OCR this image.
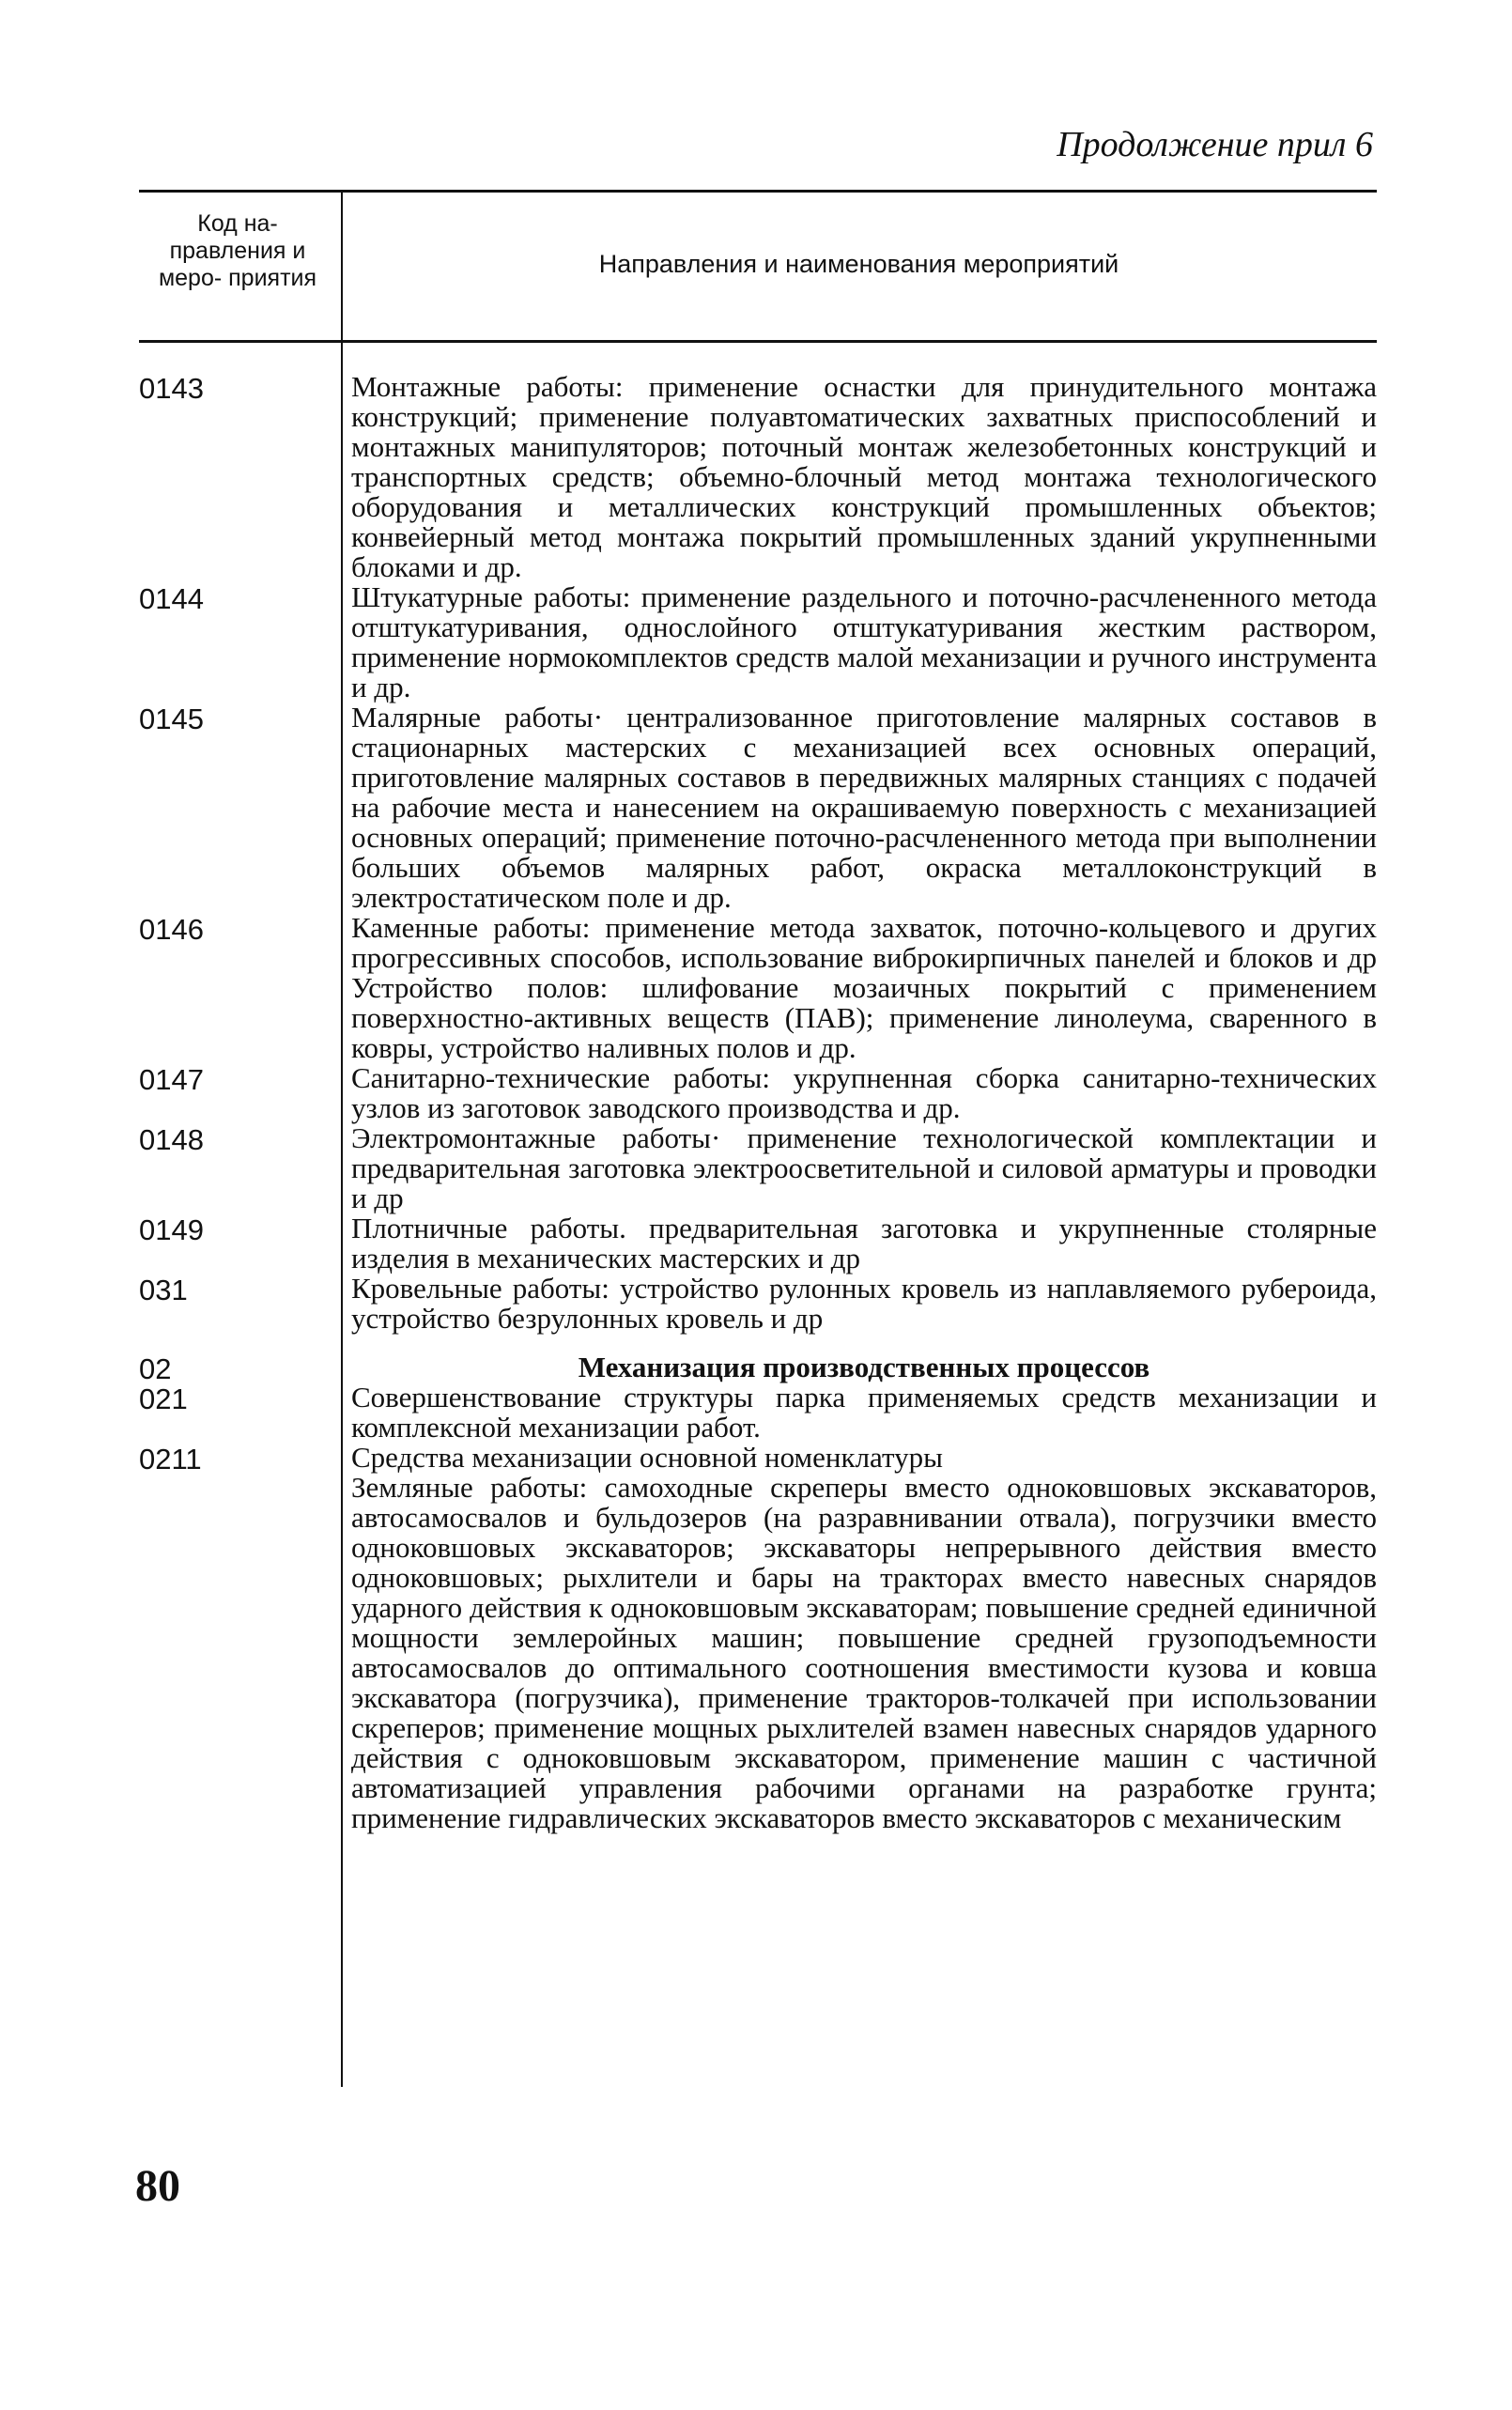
Продолжение прил 6
Код на- правления и меро- приятия	Направления и наименования мероприятий
0143	Монтажные работы: применение оснастки для принудительного монтажа конструкций; применение полуавтоматических захватных приспособлений и монтажных манипуляторов; поточный монтаж железобетонных конструкций и транспортных средств; объемно-блочный метод монтажа технологического оборудования и металлических конструкций промышленных объектов; конвейерный метод монтажа покрытий промышленных зданий укрупненными блоками и др.
0144	Штукатурные работы: применение раздельного и поточно-расчлененного метода отштукатуривания, однослойного отштукатуривания жестким раствором, применение нормокомплектов средств малой механизации и ручного инструмента и др.
0145	Малярные работы· централизованное приготовление малярных составов в стационарных мастерских с механизацией всех основных операций, приготовление малярных составов в передвижных малярных станциях с подачей на рабочие места и нанесением на окрашиваемую поверхность с механизацией основных операций; применение поточно-расчлененного метода при выполнении больших объемов малярных работ, окраска металлоконструкций в электростатическом поле и др.
0146	Каменные работы: применение метода захваток, поточно-кольцевого и других прогрессивных способов, использование виброкирпичных панелей и блоков и др Устройство полов: шлифование мозаичных покрытий с применением поверхностно-активных веществ (ПАВ); применение линолеума, сваренного в ковры, устройство наливных полов и др.
0147	Санитарно-технические работы: укрупненная сборка санитарно-технических узлов из заготовок заводского производства и др.
0148	Электромонтажные работы· применение технологической комплектации и предварительная заготовка электроосветительной и силовой арматуры и проводки и др
0149	Плотничные работы. предварительная заготовка и укрупненные столярные изделия в механических мастерских и др
031	Кровельные работы: устройство рулонных кровель из наплавляемого рубероида, устройство безрулонных кровель и др
02	Механизация производственных процессов
021	Совершенствование структуры парка применяемых средств механизации и комплексной механизации работ.
0211	Средства механизации основной номенклатуры
Земляные работы: самоходные скреперы вместо одноковшовых экскаваторов, автосамосвалов и бульдозеров (на разравнивании отвала), погрузчики вместо одноковшовых экскаваторов; экскаваторы непрерывного действия вместо одноковшовых; рыхлители и бары на тракторах вместо навесных снарядов ударного действия к одноковшовым экскаваторам; повышение средней единичной мощности землеройных машин; повышение средней грузоподъемности автосамосвалов до оптимального соотношения вместимости кузова и ковша экскаватора (погрузчика), применение тракторов-толкачей при использовании скреперов; применение мощных рыхлителей взамен навесных снарядов ударного действия с одноковшовым экскаватором, применение машин с частичной автоматизацией управления рабочими органами на разработке грунта; применение гидравлических экскаваторов вместо экскаваторов с механическим
80
